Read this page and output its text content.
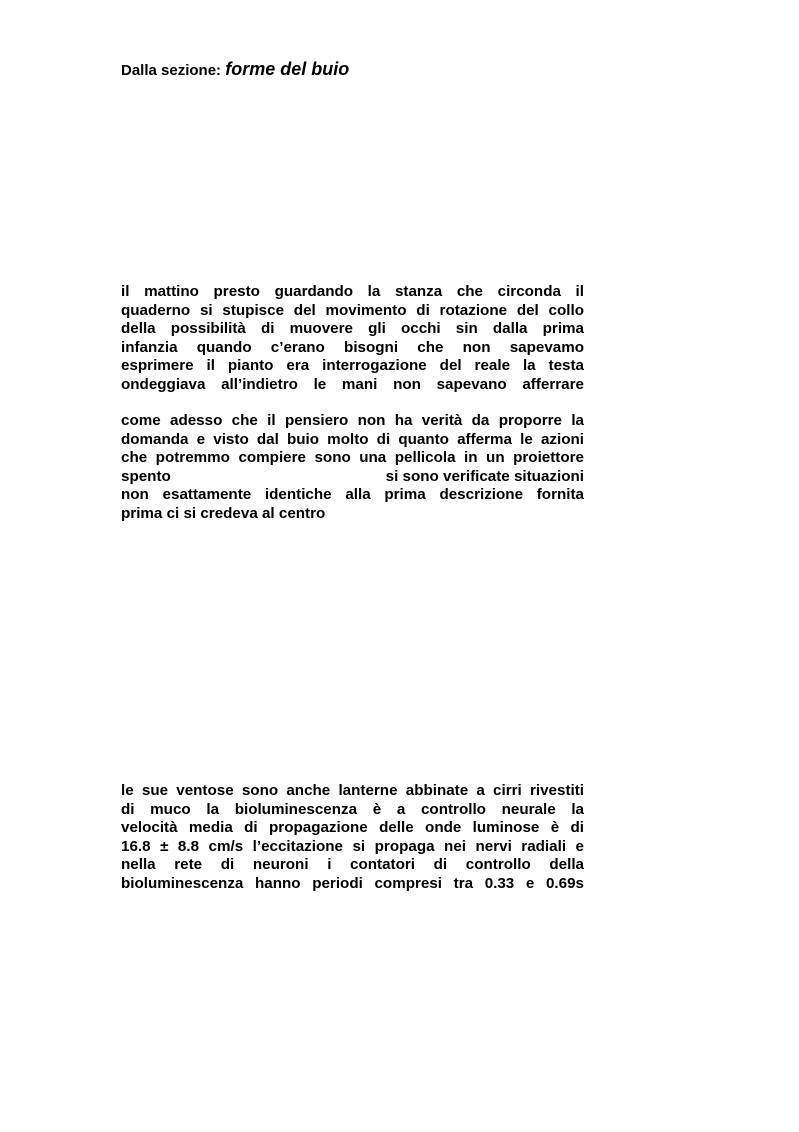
Dalla sezione: forme del buio
il mattino presto guardando la stanza che circonda il
quaderno si stupisce del movimento di rotazione del collo
della possibilità di muovere gli occhi sin dalla prima
infanzia quando c’erano bisogni che non sapevamo
esprimere il pianto era interrogazione del reale la testa
ondeggiava all’indietro le mani non sapevano afferrare
come adesso che il pensiero non ha verità da proporre la
domanda e visto dal buio molto di quanto afferma le azioni
che potremmo compiere sono una pellicola in un proiettore
spento	si sono verificate situazioni
non esattamente identiche alla prima descrizione fornita
prima ci si credeva al centro
le sue ventose sono anche lanterne abbinate a cirri rivestiti
di muco la bioluminescenza è a controllo neurale la
velocità media di propagazione delle onde luminose è di
16.8 ± 8.8 cm/s l’eccitazione si propaga nei nervi radiali e
nella rete di neuroni i contatori di controllo della
bioluminescenza hanno periodi compresi tra 0.33 e 0.69s
